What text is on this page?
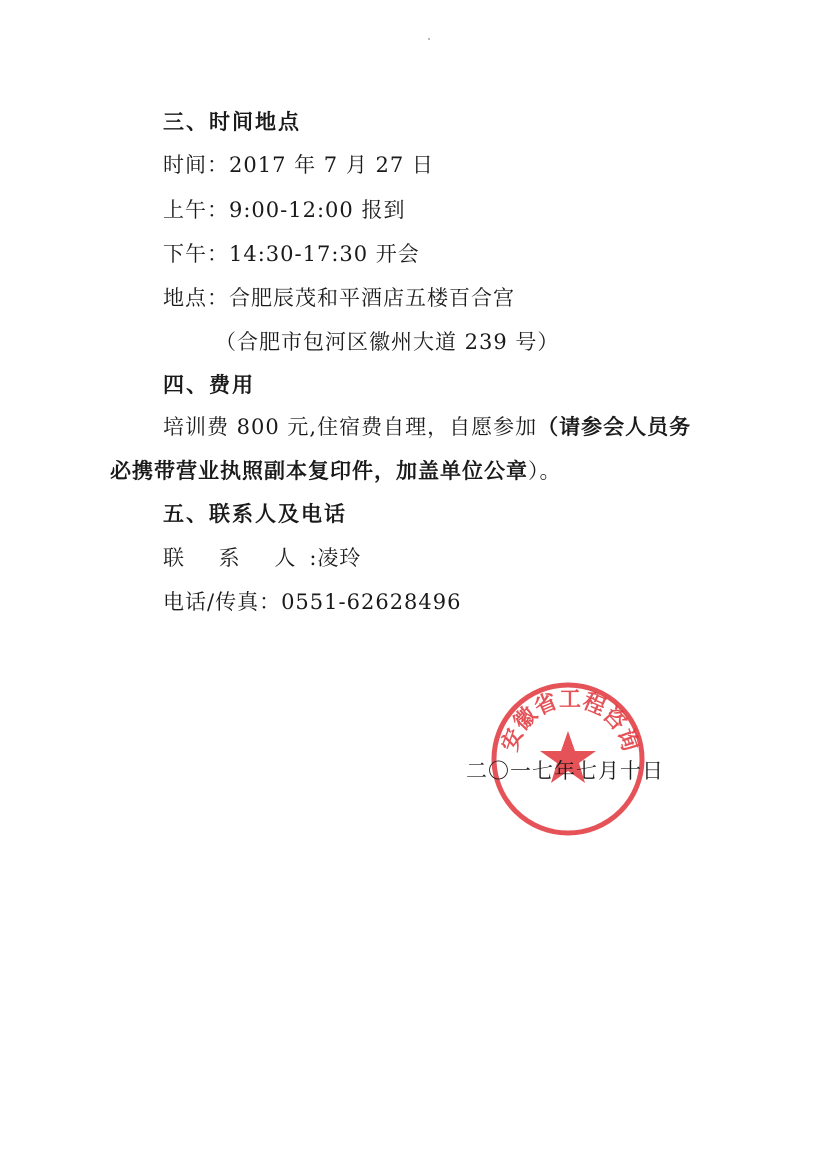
三、时间地点
时间：2017 年 7 月 27 日
上午：9:00-12:00 报到
下午：14:30-17:30 开会
地点：合肥辰茂和平酒店五楼百合宫
（合肥市包河区徽州大道 239 号）
四、费用
培训费 800 元,住宿费自理，自愿参加（请参会人员务
必携带营业执照副本复印件，加盖单位公章）。
五、联系人及电话
联 系 人:凌玲
电话/传真：0551-62628496
安徽省工程咨询
二〇一七年七月十日
